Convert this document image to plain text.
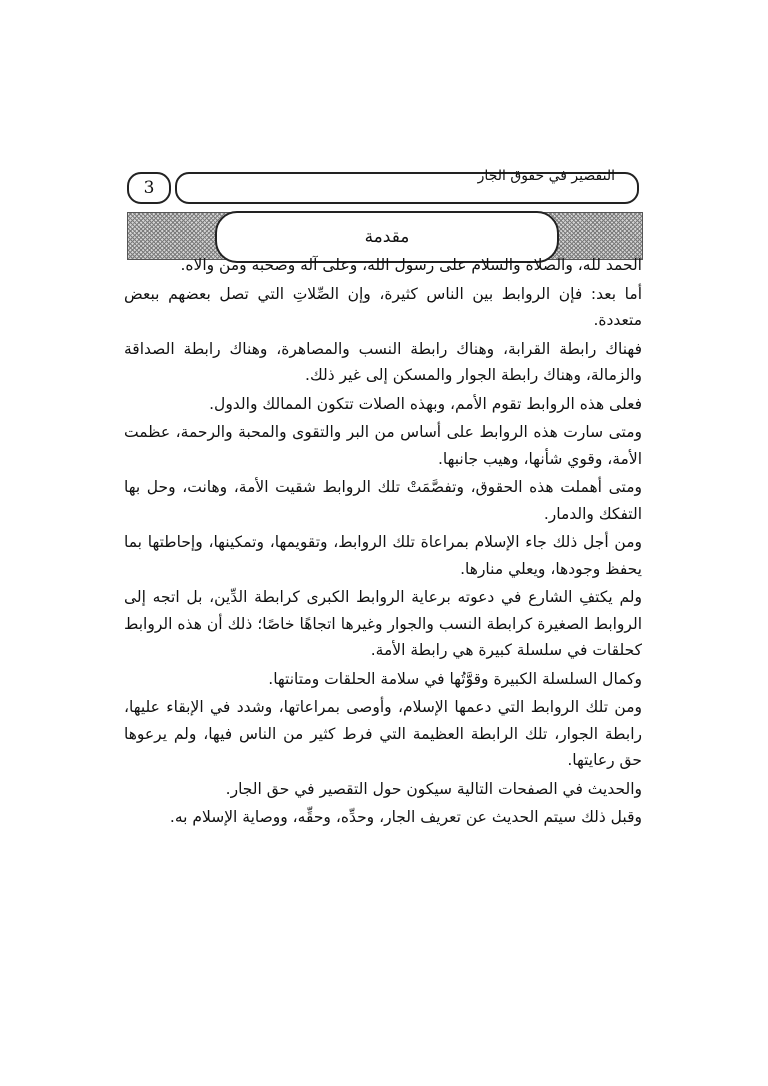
3
التقصير في حقوق الجار
مقدمة

الحمد لله، والصلاة والسلام على رسول الله، وعلى آله وصحبه ومن والاه.

أما بعد: فإن الروابط بين الناس كثيرة، وإن الصِّلاتِ التي تصل بعضهم ببعض متعددة.

فهناك رابطة القرابة، وهناك رابطة النسب والمصاهرة، وهناك رابطة الصداقة والزمالة، وهناك رابطة الجوار والمسكن إلى غير ذلك.

فعلى هذه الروابط تقوم الأمم، وبهذه الصلات تتكون الممالك والدول.

ومتى سارت هذه الروابط على أساس من البر والتقوى والمحبة والرحمة، عظمت الأمة، وقوي شأنها، وهيب جانبها.

ومتى أهملت هذه الحقوق، وتفصَّمَتْ تلك الروابط شقيت الأمة، وهانت، وحل بها التفكك والدمار.

ومن أجل ذلك جاء الإسلام بمراعاة تلك الروابط، وتقويمها، وتمكينها، وإحاطتها بما يحفظ وجودها، ويعلي منارها.

ولم يكتفِ الشارع في دعوته برعاية الروابط الكبرى كرابطة الدِّين، بل اتجه إلى الروابط الصغيرة كرابطة النسب والجوار وغيرها اتجاهًا خاصًا؛ ذلك أن هذه الروابط كحلقات في سلسلة كبيرة هي رابطة الأمة.

وكمال السلسلة الكبيرة وقوَّتُها في سلامة الحلقات ومتانتها.

ومن تلك الروابط التي دعمها الإسلام، وأوصى بمراعاتها، وشدد في الإبقاء عليها، رابطة الجوار، تلك الرابطة العظيمة التي فرط كثير من الناس فيها، ولم يرعوها حق رعايتها.

والحديث في الصفحات التالية سيكون حول التقصير في حق الجار.

وقبل ذلك سيتم الحديث عن تعريف الجار، وحدِّه، وحقِّه، ووصاية الإسلام به.
